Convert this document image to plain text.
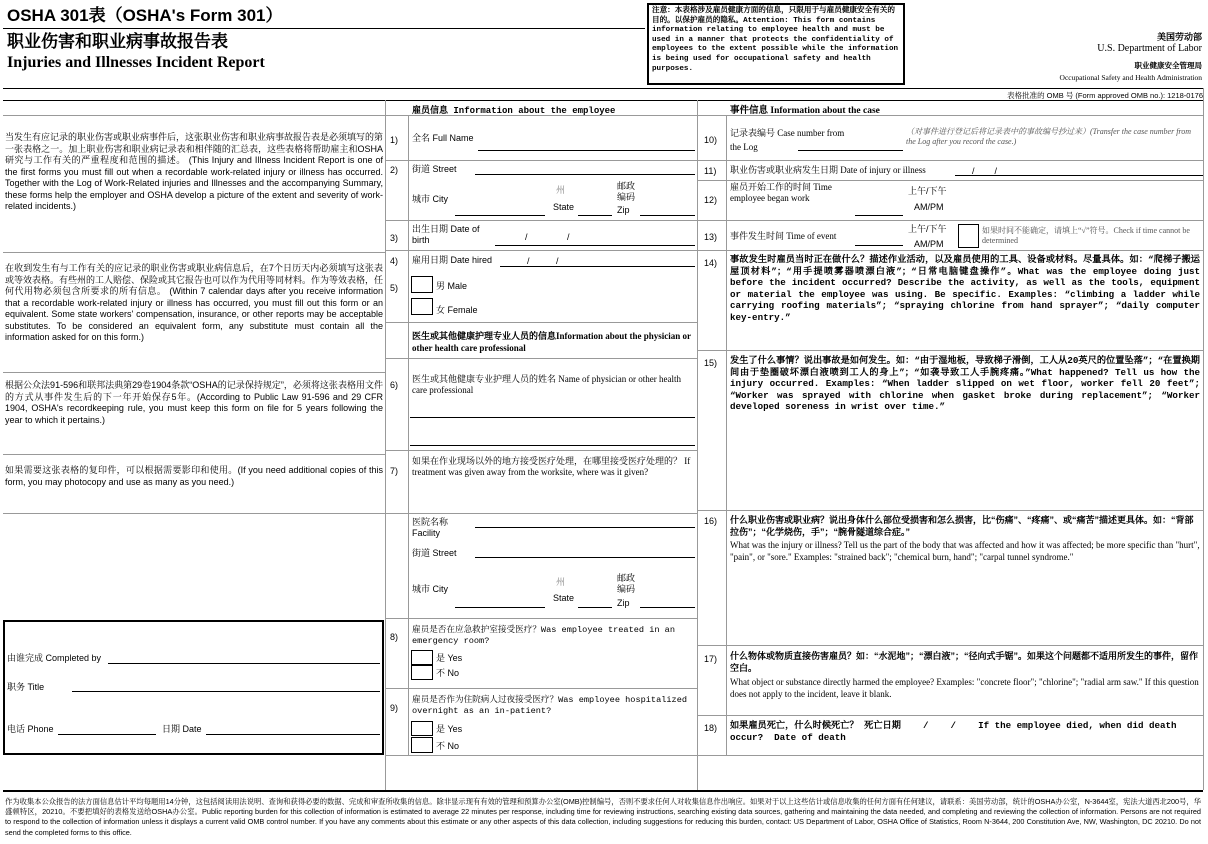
OSHA 301表（OSHA's Form 301）
职业伤害和职业病事故报告表
Injuries and Illnesses Incident Report
注意：本表格涉及雇员健康方面的信息，只限用于与雇员健康安全有关的目的。以保护雇员的隐私。Attention: This form contains information relating to employee health and must be used in a manner that protects the confidentiality of employees to the extent possible while the information is being used for occupational safety and health purposes.
美国劳动部
U.S. Department of Labor
职业健康安全管理局
Occupational Safety and Health Administration
表格批准的 OMB 号 (Form approved OMB no.): 1218-0176
当发生有应记录的职业伤害或职业病事件后，这张职业伤害和职业病事故报告表是必须填写的第一张表格之一。加上职业伤害和职业病记录表和相伴随的汇总表，这些表格将帮助雇主和OSHA研究与工作有关的严重程度和范围的描述。 (This Injury and Illness Incident Report is one of the first forms you must fill out when a recordable work-related injury or illness has occurred. Together with the Log of Work-Related injuries and Illnesses and the accompanying Summary, these forms help the employer and OSHA develop a picture of the extent and severity of work-related incidents.)
在收到发生有与工作有关的应记录的职业伤害或职业病信息后，在7个日历天内必须填写这张表或等效表格。有些州的工人赔偿、保险或其它报告也可以作为代用等同材料。作为等效表格，任何代用物必须包含所要求的所有信息。 (Within 7 calendar days after you receive information that a recordable work-related injury or illness has occurred, you must fill out this form or an equivalent. Some state workers' compensation, insurance, or other reports may be acceptable substitutes. To be considered an equivalent form, any substitute must contain all the information asked for on this form.)
根据公众法91-596和联邦法典第29卷1904条款“OSHA的记录保持规定”，必须将这张表格用文件的方式从事件发生后的下一年开始保存5年。(According to Public Law 91-596 and 29 CFR 1904, OSHA's recordkeeping rule, you must keep this form on file for 5 years following the year to which it pertains.)
如果需要这张表格的复印件，可以根据需要影印和使用。(If you need additional copies of this form, you may photocopy and use as many as you need.)
由谁完成 Completed by
职务 Title
电话 Phone	日期 Date
雇员信息 Information about the employee
1) 全名 Full Name
2) 街道 Street
城市 City
州
State
邮政编码
Zip
3)
出生日期 Date of birth	/	/
4) 雇用日期 Date hired	/	/
5)	男 Male
女 Female
医生或其他健康护理专业人员的信息Information about the physician or other health care professional
6)
医生或其他健康专业护理人员的姓名 Name of physician or other health care professional
7)
如果在作业现场以外的地方接受医疗处理，在哪里接受医疗处理的？ If treatment was given away from the worksite, where was it given?
医院名称 Facility
街道 Street
城市 City
州
State
邮政编码
Zip
8)
雇员是否在应急救护室接受医疗？Was employee treated in an emergency room?
是 Yes
不 No
9)
雇员是否作为住院病人过夜接受医疗？Was employee hospitalized overnight as an in-patient?
是 Yes
不 No
事件信息 Information about the case
10)
记录表编号 Case number from the Log
（对事件进行登记后将记录表中的事故编号抄过来）(Transfer the case number from the Log after you record the case.)
11) 职业伤害或职业病发生日期 Date of injury or illness	/        /
12)
雇员开始工作的时间 Time employee began work
上午/下午
AM/PM
13) 事件发生时间 Time of event
上午/下午
AM/PM
如果时间不能确定，请填上“√”符号。Check if time cannot be determined
14) 事故发生时雇员当时正在做什么？描述作业活动，以及雇员使用的工具、设备或材料。尽量具体。如：“爬梯子搬运屋顶材料”；“用手提喷雾器喷漂白液”；“日常电脑键盘操作”。What was the employee doing just before the incident occurred? Describe the activity, as well as the tools, equipment or material the employee was using. Be specific. Examples: “climbing a ladder while carrying roofing materials”; “spraying chlorine from hand sprayer”; “daily computer key-entry.”
15) 发生了什么事情？说出事故是如何发生。如：“由于湿地板，导致梯子滑倒，工人从20英尺的位置坠落”；“在置换期间由于垫圈破坏漂白液喷到工人的身上”；“如袭导致工人手腕疼痛。”What happened? Tell us how the injury occurred. Examples: “When ladder slipped on wet floor, worker fell 20 feet”; “Worker was sprayed with chlorine when gasket broke during replacement”; “Worker developed soreness in wrist over time.”
16) 什么职业伤害或职业病？说出身体什么部位受损害和怎么损害，比“伤痛”、“疼痛”、或“痛苦”描述更具体。如：“背部拉伤”；“化学烧伤，手”；“腕骨隧道综合症。”
What was the injury or illness? Tell us the part of the body that was affected and how it was affected; be more specific than "hurt", "pain", or "sore." Examples: "strained back"; "chemical burn, hand"; "carpal tunnel syndrome."
17) 什么物体或物质直接伤害雇员？如：“水泥地”；“漂白液”；“径向式手锯”。如果这个问题都不适用所发生的事件，留作空白。
What object or substance directly harmed the employee? Examples: "concrete floor"; "chlorine"; "radial arm saw." If this question does not apply to the incident, leave it blank.
18) 如果雇员死亡，什么时候死亡？ 死亡日期    /    /    If the employee died, when did death occur?  Date of death
作为收集本公众报告的法方面信息估计平均每题用14分钟，这包括阅读用法说明、查询和获得必要的数据、完成和审查所收集的信息。除非显示现有有效的管理和预算办公室(OMB)控制编号，否则不要求任何人对收集信息作出响应。如果对于以上这些估计或信息收集的任何方面有任何建议，请联系：美国劳动部，统计的OSHA办公室，N-3644室，宪法大道西北200号，华盛顿特区，20210。不要把填好的表格发送给OSHA办公室。Public reporting burden for this collection of information is estimated to average 22 minutes per response, including time for reviewing instructions, searching existing data sources, gathering and maintaining the data needed, and completing and reviewing the collection of information. Persons are not required to respond to the collection of information unless it displays a current valid OMB control number. If you have any comments about this estimate or any other aspects of this data collection, including suggestions for reducing this burden, contact: US Department of Labor, OSHA Office of Statistics, Room N-3644, 200 Constitution Ave, NW, Washington, DC 20210. Do not send the completed forms to this office.
